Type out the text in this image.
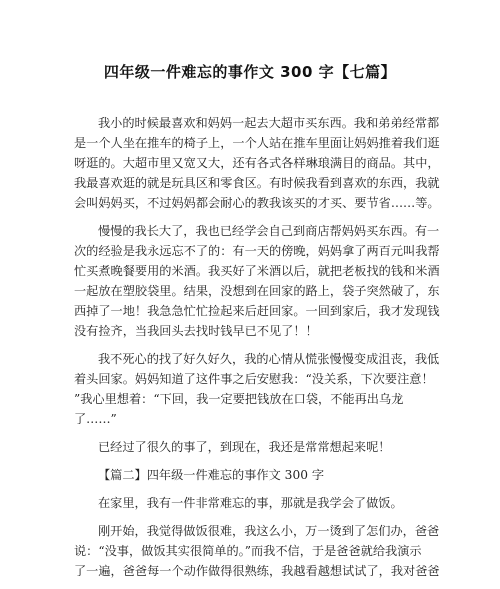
四年级一件难忘的事作文 300 字【七篇】
我小的时候最喜欢和妈妈一起去大超市买东西。我和弟弟经常都
是一个人坐在推车的椅子上，一个人站在推车里面让妈妈推着我们逛
呀逛的。大超市里又宽又大，还有各式各样琳琅满目的商品。其中，
我最喜欢逛的就是玩具区和零食区。有时候我看到喜欢的东西，我就
会叫妈妈买，不过妈妈都会耐心的教我该买的才买、要节省……等。
慢慢的我长大了，我也已经学会自己到商店帮妈妈买东西。有一
次的经验是我永远忘不了的：有一天的傍晚，妈妈拿了两百元叫我帮
忙买煮晚餐要用的米酒。我买好了米酒以后，就把老板找的钱和米酒
一起放在塑胶袋里。结果，没想到在回家的路上，袋子突然破了，东
西掉了一地！我急急忙忙捡起来后赶回家。一回到家后，我才发现钱
没有捡齐，当我回头去找时钱早已不见了！！
我不死心的找了好久好久，我的心情从慌张慢慢变成沮丧，我低
着头回家。妈妈知道了这件事之后安慰我：“没关系，下次要注意！
”我心里想着：“下回，我一定要把钱放在口袋，不能再出乌龙
了……”
已经过了很久的事了，到现在，我还是常常想起来呢！
【篇二】四年级一件难忘的事作文 300 字
在家里，我有一件非常难忘的事，那就是我学会了做饭。
刚开始，我觉得做饭很难，我这么小，万一烫到了怎们办，爸爸
说：“没事，做饭其实很简单的。”而我不信，于是爸爸就给我演示
了一遍，爸爸每一个动作做得很熟练，我越看越想试试了，我对爸爸
